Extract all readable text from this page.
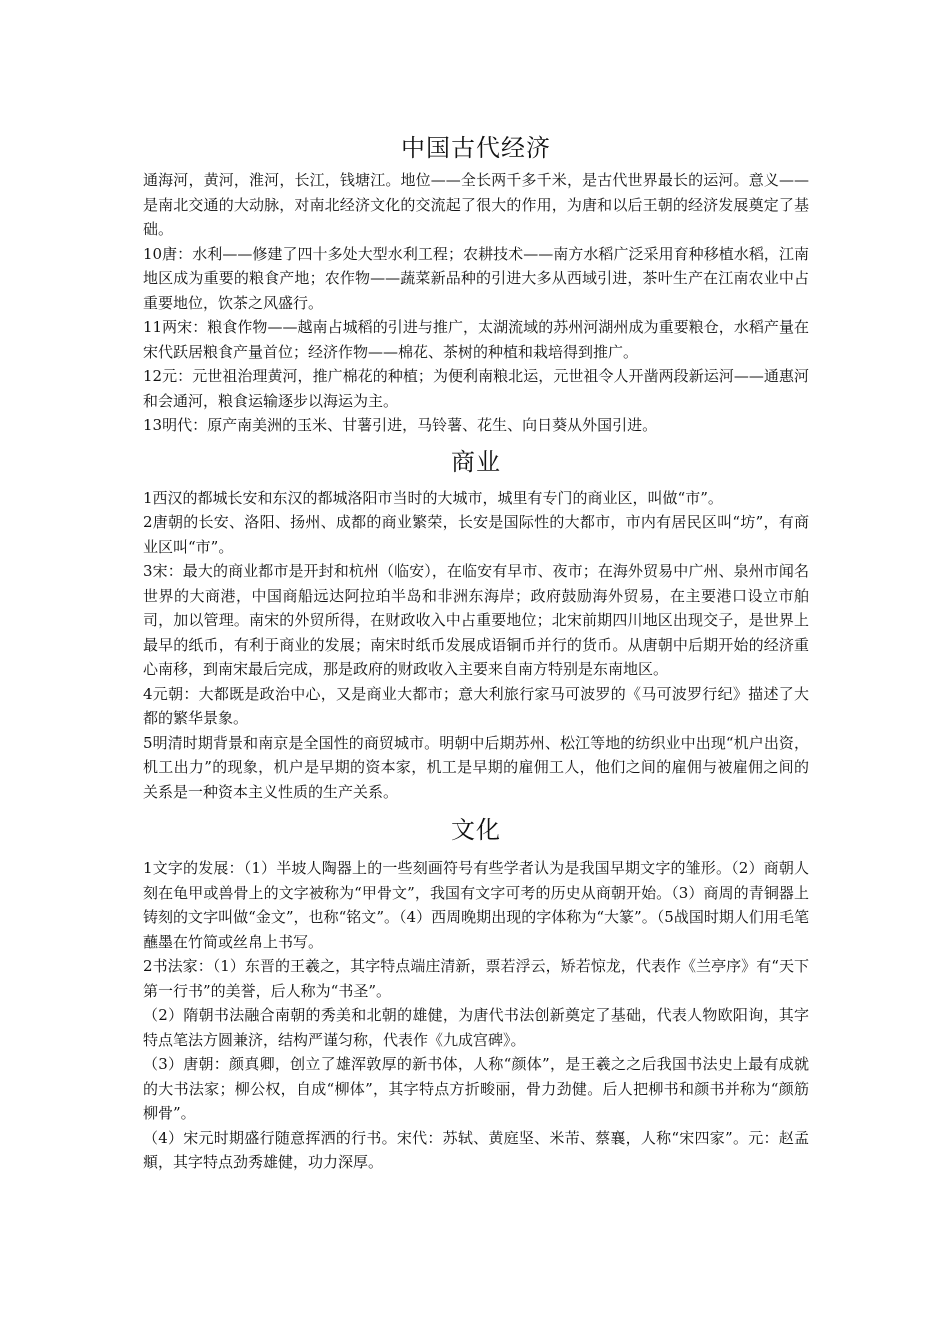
中国古代经济

通海河，黄河，淮河，长江，钱塘江。地位——全长两千多千米，是古代世界最长的运河。意义——是南北交通的大动脉，对南北经济文化的交流起了很大的作用，为唐和以后王朝的经济发展奠定了基础。

10唐：水利——修建了四十多处大型水利工程；农耕技术——南方水稻广泛采用育种移植水稻，江南地区成为重要的粮食产地；农作物——蔬菜新品种的引进大多从西域引进，茶叶生产在江南农业中占重要地位，饮茶之风盛行。

11两宋：粮食作物——越南占城稻的引进与推广，太湖流域的苏州河湖州成为重要粮仓，水稻产量在宋代跃居粮食产量首位；经济作物——棉花、茶树的种植和栽培得到推广。

12元：元世祖治理黄河，推广棉花的种植；为便利南粮北运，元世祖令人开凿两段新运河——通惠河和会通河，粮食运输逐步以海运为主。

13明代：原产南美洲的玉米、甘薯引进，马铃薯、花生、向日葵从外国引进。

商业

1西汉的都城长安和东汉的都城洛阳市当时的大城市，城里有专门的商业区，叫做“市”。

2唐朝的长安、洛阳、扬州、成都的商业繁荣，长安是国际性的大都市，市内有居民区叫“坊”，有商业区叫“市”。

3宋：最大的商业都市是开封和杭州（临安），在临安有早市、夜市；在海外贸易中广州、泉州市闻名世界的大商港，中国商船远达阿拉珀半岛和非洲东海岸；政府鼓励海外贸易，在主要港口设立市舶司，加以管理。南宋的外贸所得，在财政收入中占重要地位；北宋前期四川地区出现交子，是世界上最早的纸币，有利于商业的发展；南宋时纸币发展成语铜币并行的货币。从唐朝中后期开始的经济重心南移，到南宋最后完成，那是政府的财政收入主要来自南方特别是东南地区。

4元朝：大都既是政治中心，又是商业大都市；意大利旅行家马可波罗的《马可波罗行纪》描述了大都的繁华景象。

5明清时期背景和南京是全国性的商贸城市。明朝中后期苏州、松江等地的纺织业中出现“机户出资，机工出力”的现象，机户是早期的资本家，机工是早期的雇佣工人，他们之间的雇佣与被雇佣之间的关系是一种资本主义性质的生产关系。

文化

1文字的发展：（1）半坡人陶器上的一些刻画符号有些学者认为是我国早期文字的雏形。（2）商朝人刻在龟甲或兽骨上的文字被称为“甲骨文”，我国有文字可考的历史从商朝开始。（3）商周的青铜器上铸刻的文字叫做“金文”，也称“铭文”。（4）西周晚期出现的字体称为“大篆”。（5战国时期人们用毛笔蘸墨在竹简或丝帛上书写。

2书法家：（1）东晋的王羲之，其字特点端庄清新，票若浮云，矫若惊龙，代表作《兰亭序》有“天下第一行书”的美誉，后人称为“书圣”。

（2）隋朝书法融合南朝的秀美和北朝的雄健，为唐代书法创新奠定了基础，代表人物欧阳询，其字特点笔法方圆兼济，结构严谨匀称，代表作《九成宫碑》。

（3）唐朝：颜真卿，创立了雄浑敦厚的新书体，人称“颜体”，是王羲之之后我国书法史上最有成就的大书法家；柳公权，自成“柳体”，其字特点方折畯丽，骨力劲健。后人把柳书和颜书并称为“颜筋柳骨”。

（4）宋元时期盛行随意挥洒的行书。宋代：苏轼、黄庭坚、米芾、蔡襄，人称“宋四家”。元：赵孟頫，其字特点劲秀雄健，功力深厚。
